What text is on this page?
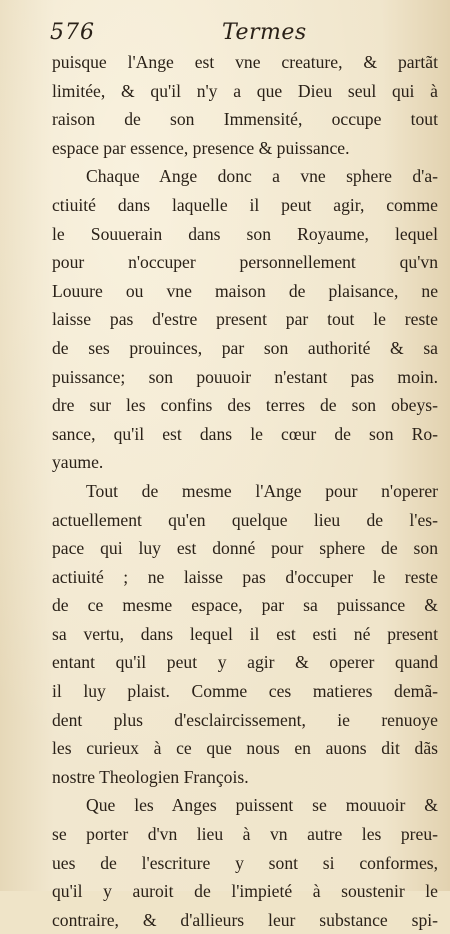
576	Termes
puisque l'Ange est vne creature, & partãt
limitée, & qu'il n'y a que Dieu seul qui à
raison de son Immensité, occupe tout
espace par essence, presence & puissance.
Chaque Ange donc a vne sphere d'a-
ctiuité dans laquelle il peut agir, comme
le Souuerain dans son Royaume, lequel
pour n'occuper personnellement qu'vn
Louure ou vne maison de plaisance, ne
laisse pas d'estre present par tout le reste
de ses prouinces, par son authorité & sa
puissance; son pouuoir n'estant pas moin.
dre sur les confins des terres de son obeys-
sance, qu'il est dans le cœur de son Ro-
yaume.
Tout de mesme l'Ange pour n'operer
actuellement qu'en quelque lieu de l'es-
pace qui luy est donné pour sphere de son
actiuité ; ne laisse pas d'occuper le reste
de ce mesme espace, par sa puissance &
sa vertu, dans lequel il est esti né present
entant qu'il peut y agir & operer quand
il luy plaist. Comme ces matieres demã-
dent plus d'esclaircissement, ie renuoye
les curieux à ce que nous en auons dit dãs
nostre Theologien François.
Que les Anges puissent se mouuoir &
se porter d'vn lieu à vn autre les preu-
ues de l'escriture y sont si conformes,
qu'il y auroit de l'impieté à soustenir le
contraire, & d'allieurs leur substance spi-
